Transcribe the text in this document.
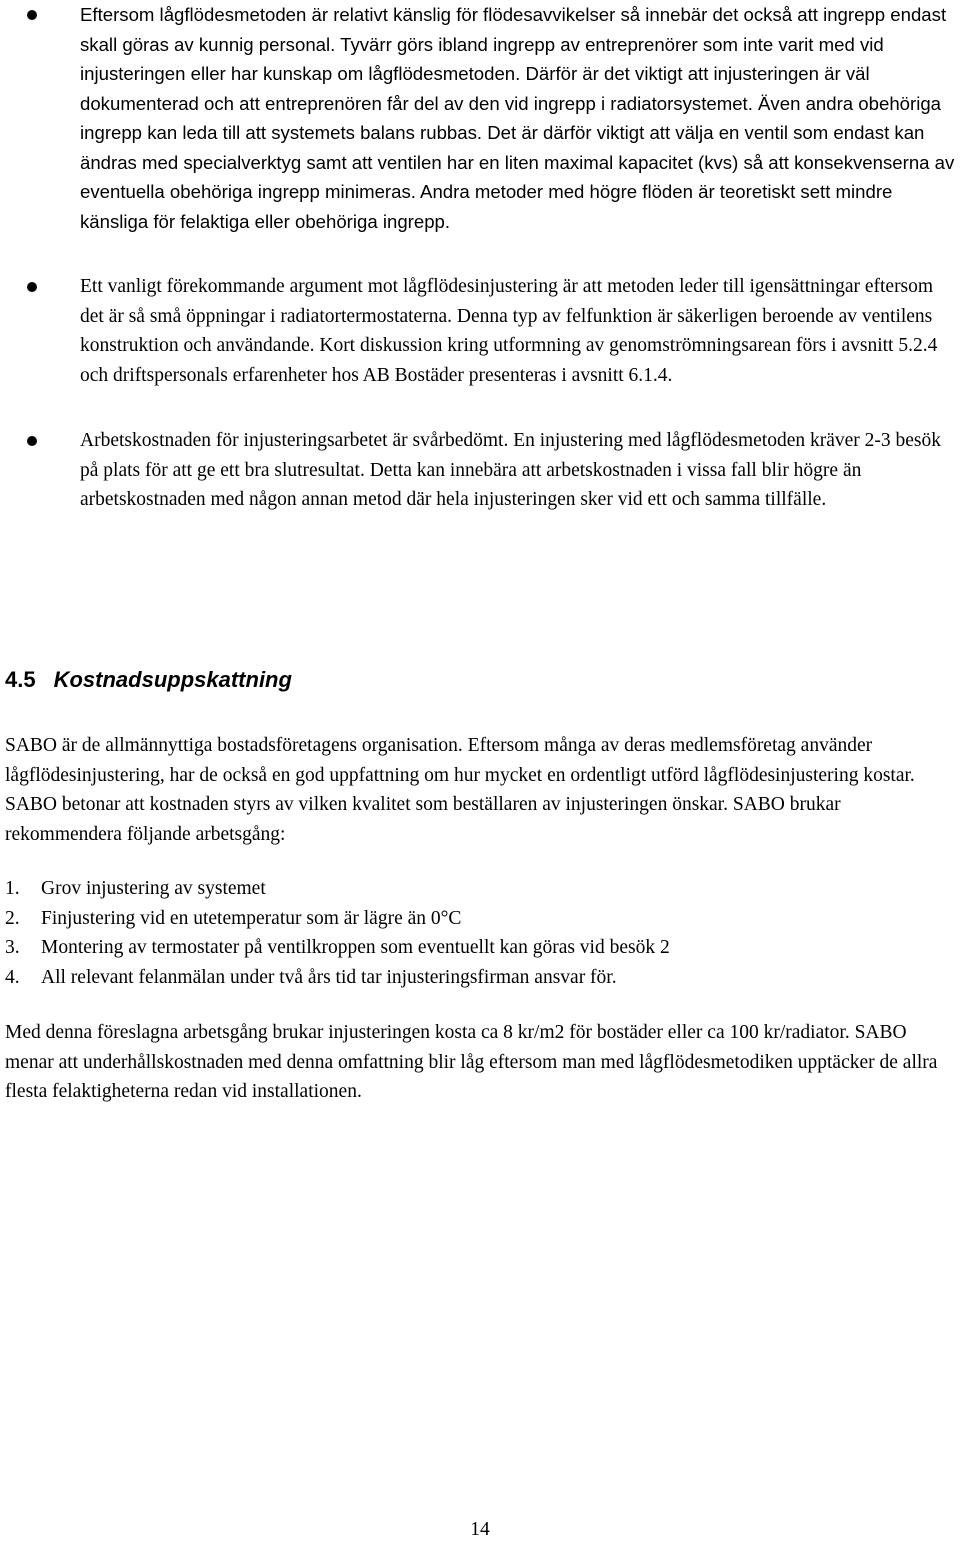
Eftersom lågflödesmetoden är relativt känslig för flödesavvikelser så innebär det också att ingrepp endast skall göras av kunnig personal. Tyvärr görs ibland ingrepp av entreprenörer som inte varit med vid injusteringen eller har kunskap om lågflödesmetoden. Därför är det viktigt att injusteringen är väl dokumenterad och att entreprenören får del av den vid ingrepp i radiatorsystemet. Även andra obehöriga ingrepp kan leda till att systemets balans rubbas. Det är därför viktigt att välja en ventil som endast kan ändras med specialverktyg samt att ventilen har en liten maximal kapacitet (kvs) så att konsekvenserna av eventuella obehöriga ingrepp minimeras. Andra metoder med högre flöden är teoretiskt sett mindre känsliga för felaktiga eller obehöriga ingrepp.

Ett vanligt förekommande argument mot lågflödesinjustering är att metoden leder till igensättningar eftersom det är så små öppningar i radiatortermostaterna. Denna typ av felfunktion är säkerligen beroende av ventilens konstruktion och användande. Kort diskussion kring utformning av genomströmningsarean förs i avsnitt 5.2.4 och driftspersonals erfarenheter hos AB Bostäder presenteras i avsnitt 6.1.4.

Arbetskostnaden för injusteringsarbetet är svårbedömt. En injustering med lågflödesmetoden kräver 2-3 besök på plats för att ge ett bra slutresultat. Detta kan innebära att arbetskostnaden i vissa fall blir högre än arbetskostnaden med någon annan metod där hela injusteringen sker vid ett och samma tillfälle.

4.5 Kostnadsuppskattning

SABO är de allmännyttiga bostadsföretagens organisation. Eftersom många av deras medlemsföretag använder lågflödesinjustering, har de också en god uppfattning om hur mycket en ordentligt utförd lågflödesinjustering kostar. SABO betonar att kostnaden styrs av vilken kvalitet som beställaren av injusteringen önskar. SABO brukar rekommendera följande arbetsgång:

1.	Grov injustering av systemet
2.	Finjustering vid en utetemperatur som är lägre än 0°C
3.	Montering av termostater på ventilkroppen som eventuellt kan göras vid besök 2
4.	All relevant felanmälan under två års tid tar injusteringsfirman ansvar för.

Med denna föreslagna arbetsgång brukar injusteringen kosta ca 8 kr/m2 för bostäder eller ca 100 kr/radiator. SABO menar att underhållskostnaden med denna omfattning blir låg eftersom man med lågflödesmetodiken upptäcker de allra flesta felaktigheterna redan vid installationen.

14
